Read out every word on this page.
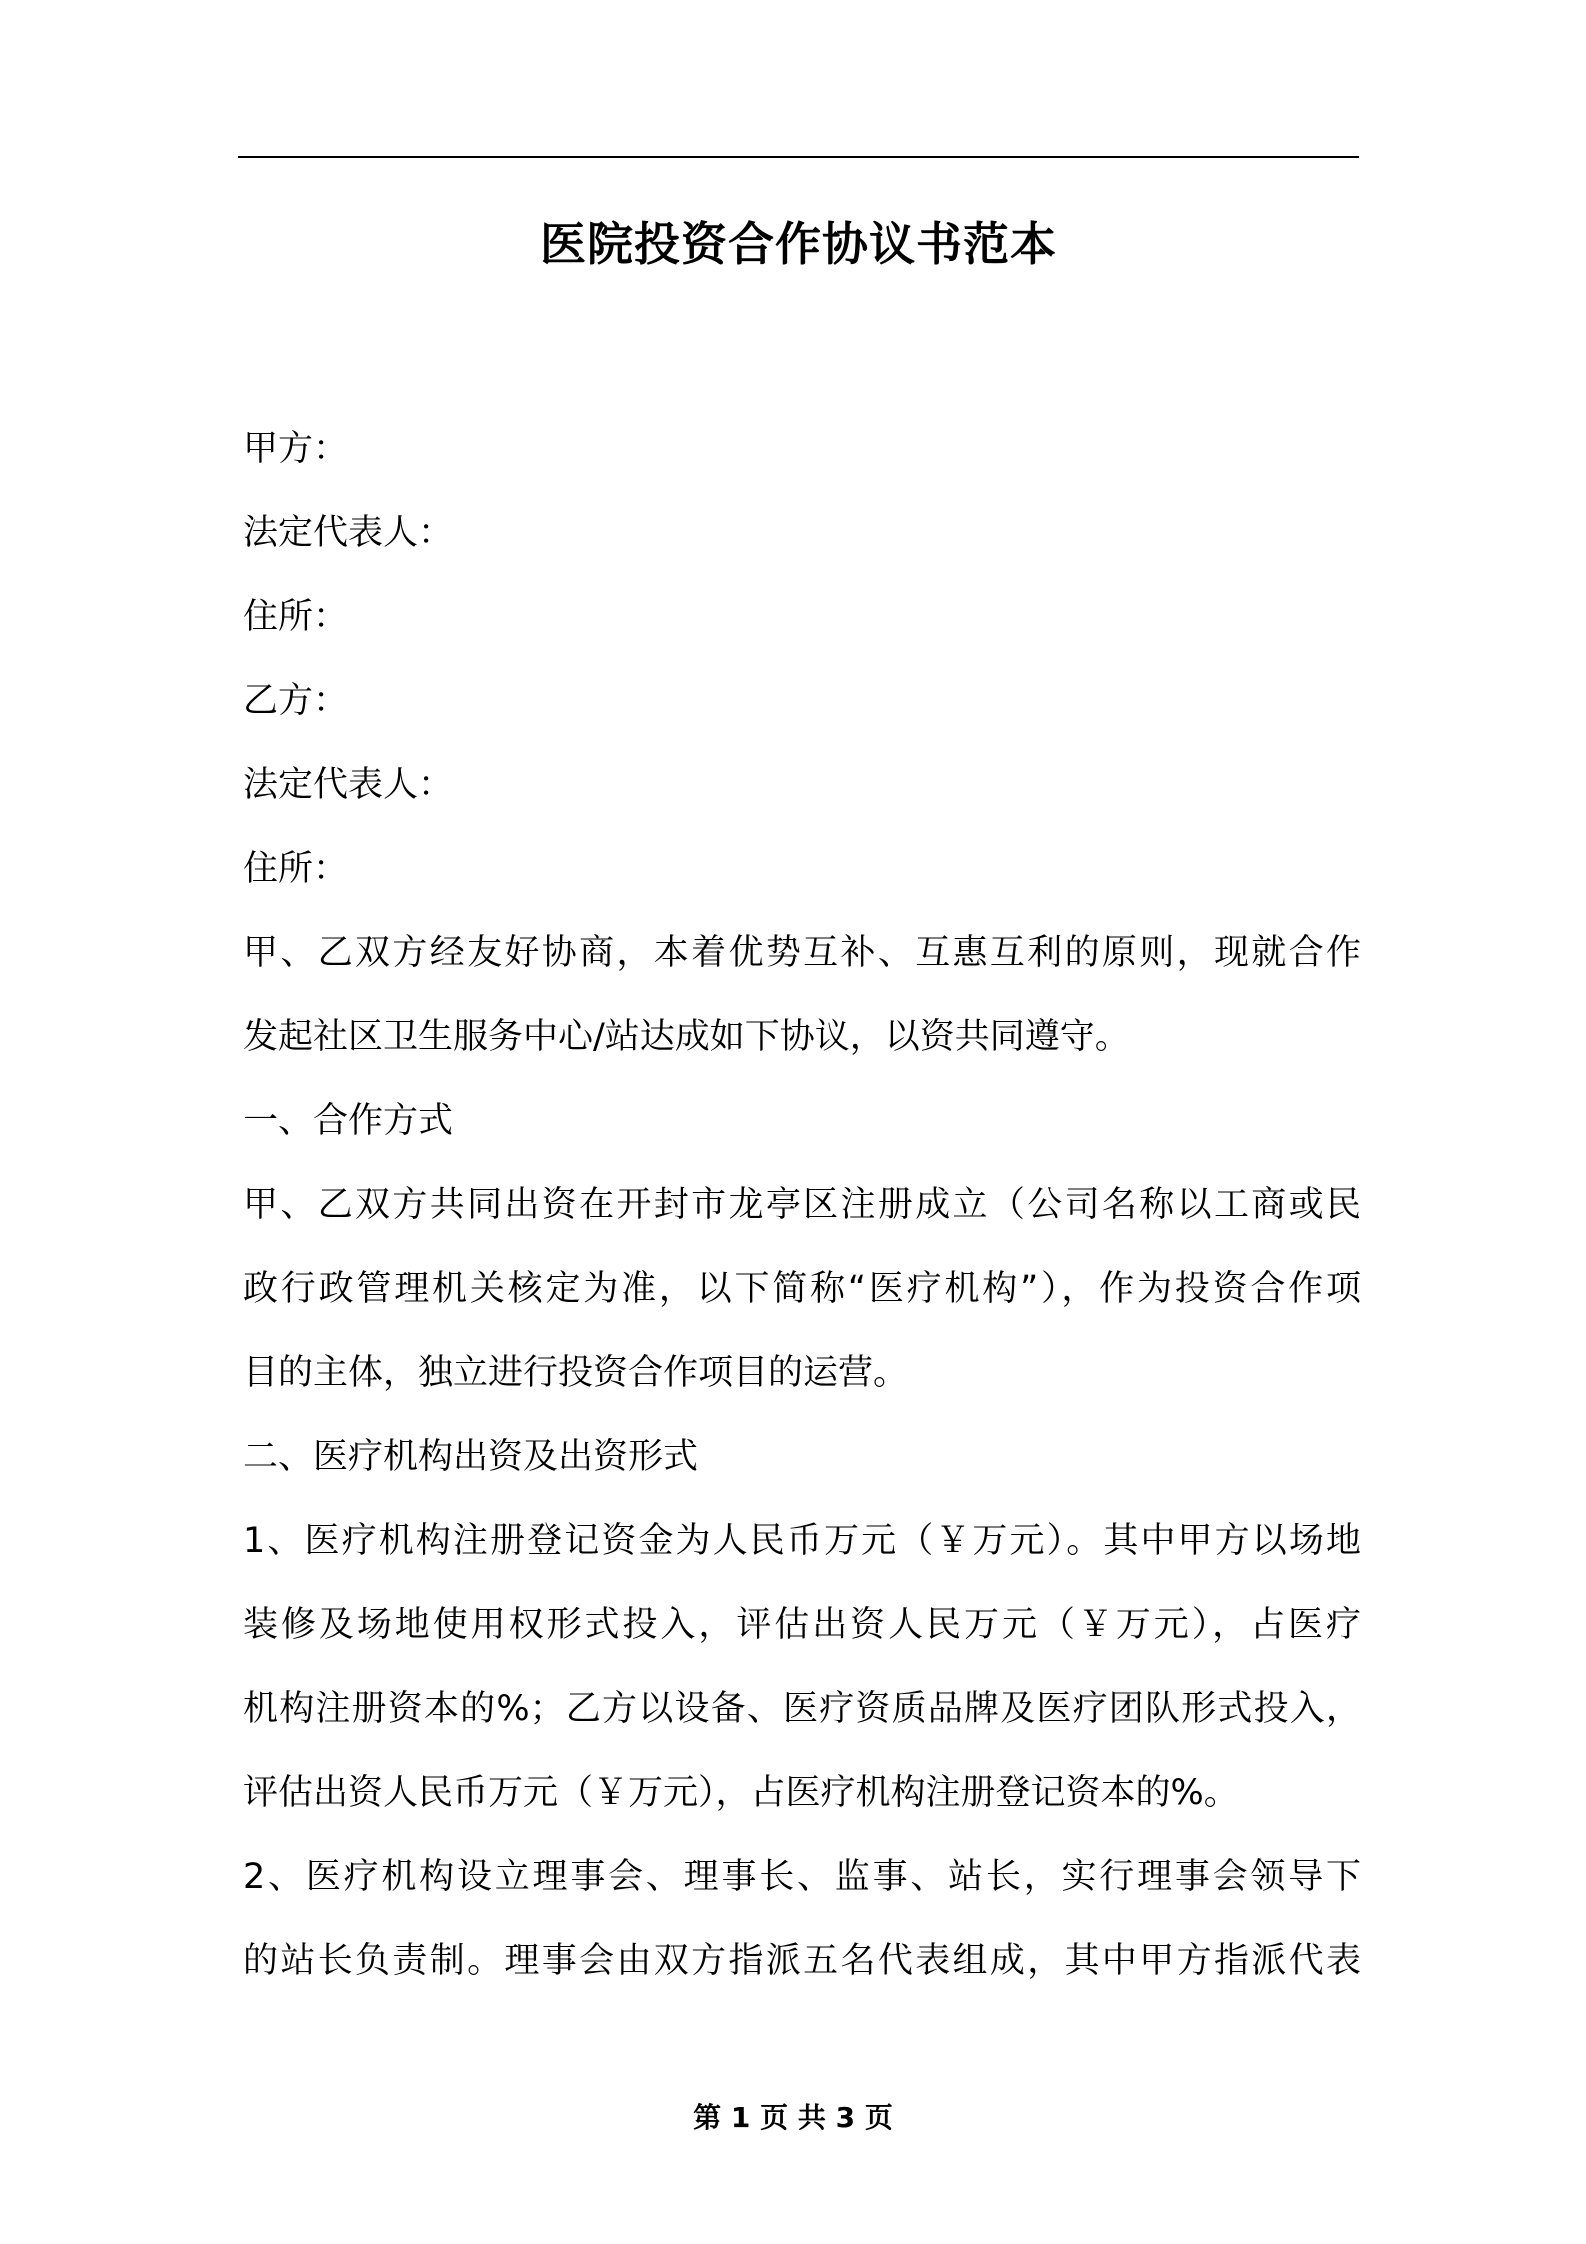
医院投资合作协议书范本
甲方：
法定代表人：
住所：
乙方：
法定代表人：
住所：
甲、乙双方经友好协商，本着优势互补、互惠互利的原则，现就合作
发起社区卫生服务中心/站达成如下协议，以资共同遵守。
一、合作方式
甲、乙双方共同出资在开封市龙亭区注册成立（公司名称以工商或民
政行政管理机关核定为准，以下简称“医疗机构”），作为投资合作项
目的主体，独立进行投资合作项目的运营。
二、医疗机构出资及出资形式
1、医疗机构注册登记资金为人民币万元（￥万元）。其中甲方以场地
装修及场地使用权形式投入，评估出资人民万元（￥万元），占医疗
机构注册资本的%；乙方以设备、医疗资质品牌及医疗团队形式投入，
评估出资人民币万元（￥万元），占医疗机构注册登记资本的%。
2、医疗机构设立理事会、理事长、监事、站长，实行理事会领导下
的站长负责制。理事会由双方指派五名代表组成，其中甲方指派代表
第 1 页 共 3 页
